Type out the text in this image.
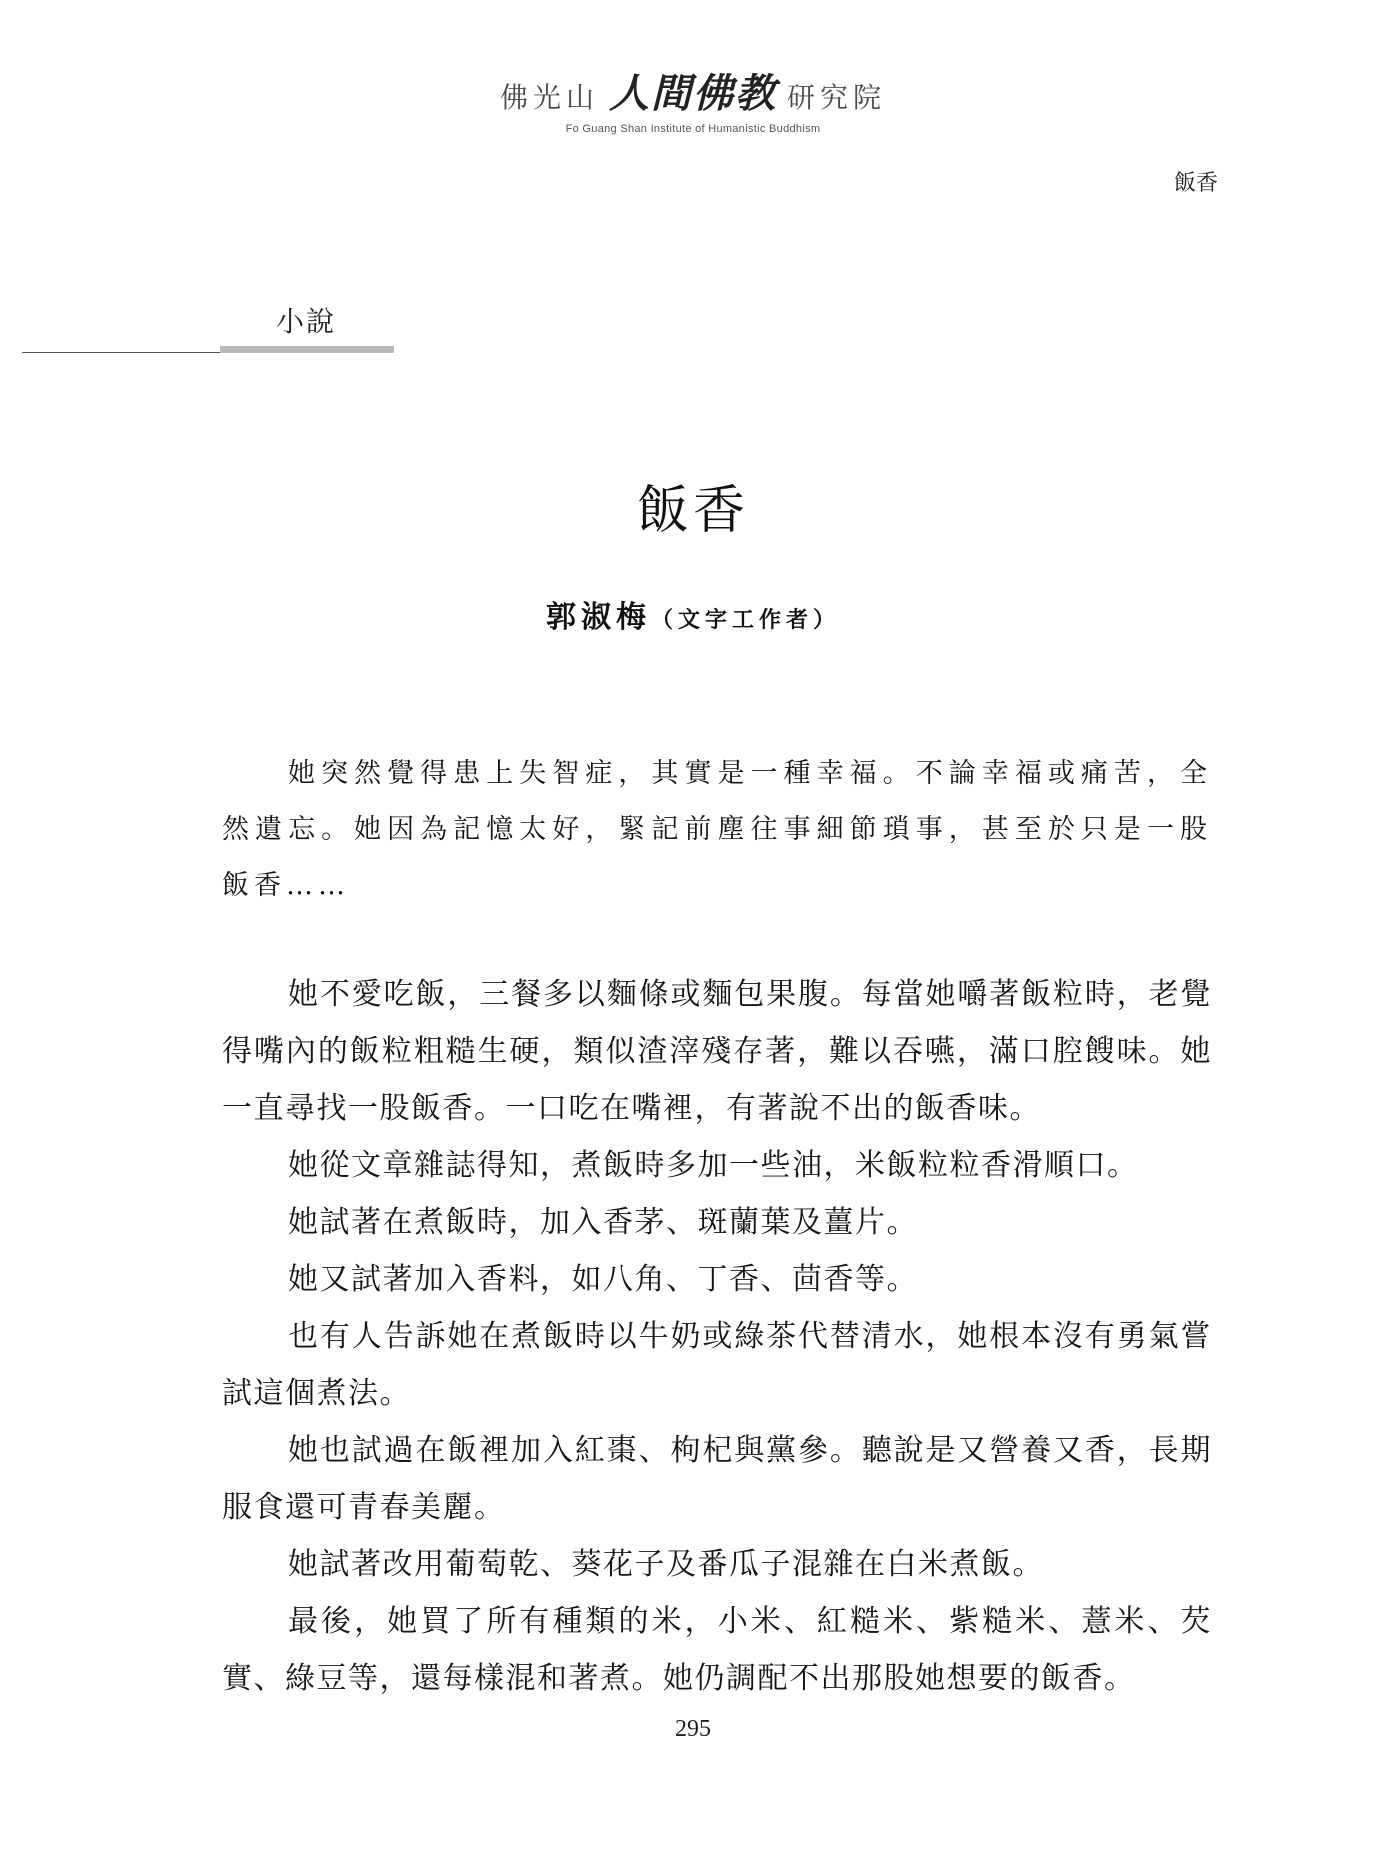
佛光山 人間佛教 研究院
Fo Guang Shan Institute of Humanistic Buddhism
飯香
小說
飯香
郭淑梅（文字工作者）

她突然覺得患上失智症，其實是一種幸福。不論幸福或痛苦，全然遺忘。她因為記憶太好，緊記前塵往事細節瑣事，甚至於只是一股飯香……

她不愛吃飯，三餐多以麵條或麵包果腹。每當她嚼著飯粒時，老覺得嘴內的飯粒粗糙生硬，類似渣滓殘存著，難以吞嚥，滿口腔餿味。她一直尋找一股飯香。一口吃在嘴裡，有著說不出的飯香味。

她從文章雜誌得知，煮飯時多加一些油，米飯粒粒香滑順口。

她試著在煮飯時，加入香茅、斑蘭葉及薑片。

她又試著加入香料，如八角、丁香、茴香等。

也有人告訴她在煮飯時以牛奶或綠茶代替清水，她根本沒有勇氣嘗試這個煮法。

她也試過在飯裡加入紅棗、枸杞與黨參。聽說是又營養又香，長期服食還可青春美麗。

她試著改用葡萄乾、葵花子及番瓜子混雜在白米煮飯。

最後，她買了所有種類的米，小米、紅糙米、紫糙米、薏米、芡實、綠豆等，還每樣混和著煮。她仍調配不出那股她想要的飯香。

295
